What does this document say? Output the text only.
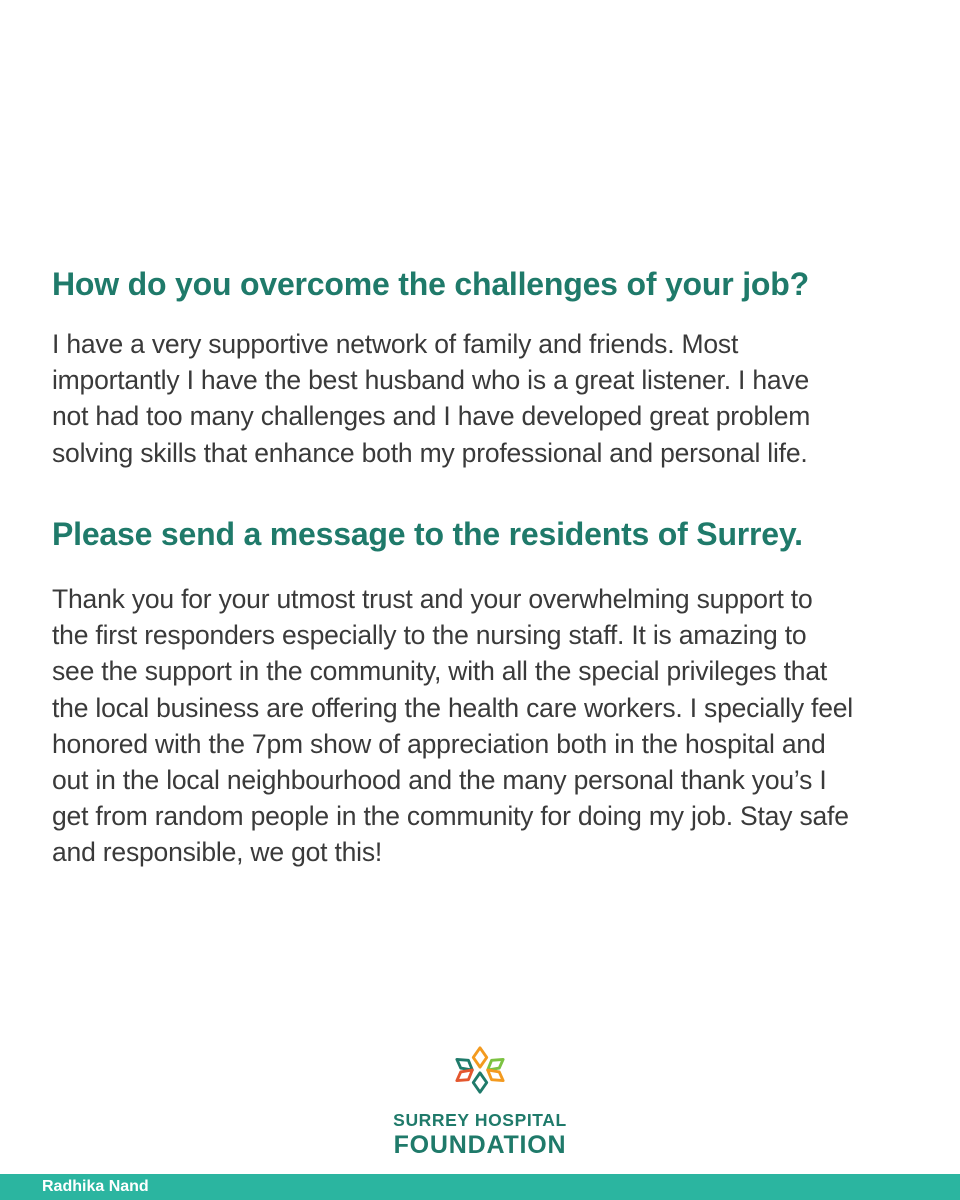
How do you overcome the challenges of your job?

I have a very supportive network of family and friends. Most
importantly I have the best husband who is a great listener. I have
not had too many challenges and I have developed great problem
solving skills that enhance both my professional and personal life.

Please send a message to the residents of Surrey.

Thank you for your utmost trust and your overwhelming support to
the first responders especially to the nursing staff. It is amazing to
see the support in the community, with all the special privileges that
the local business are offering the health care workers. I specially feel
honored with the 7pm show of appreciation both in the hospital and
out in the local neighbourhood and the many personal thank you’s I
get from random people in the community for doing my job. Stay safe
and responsible, we got this!

SURREY HOSPITAL
FOUNDATION
Radhika Nand
